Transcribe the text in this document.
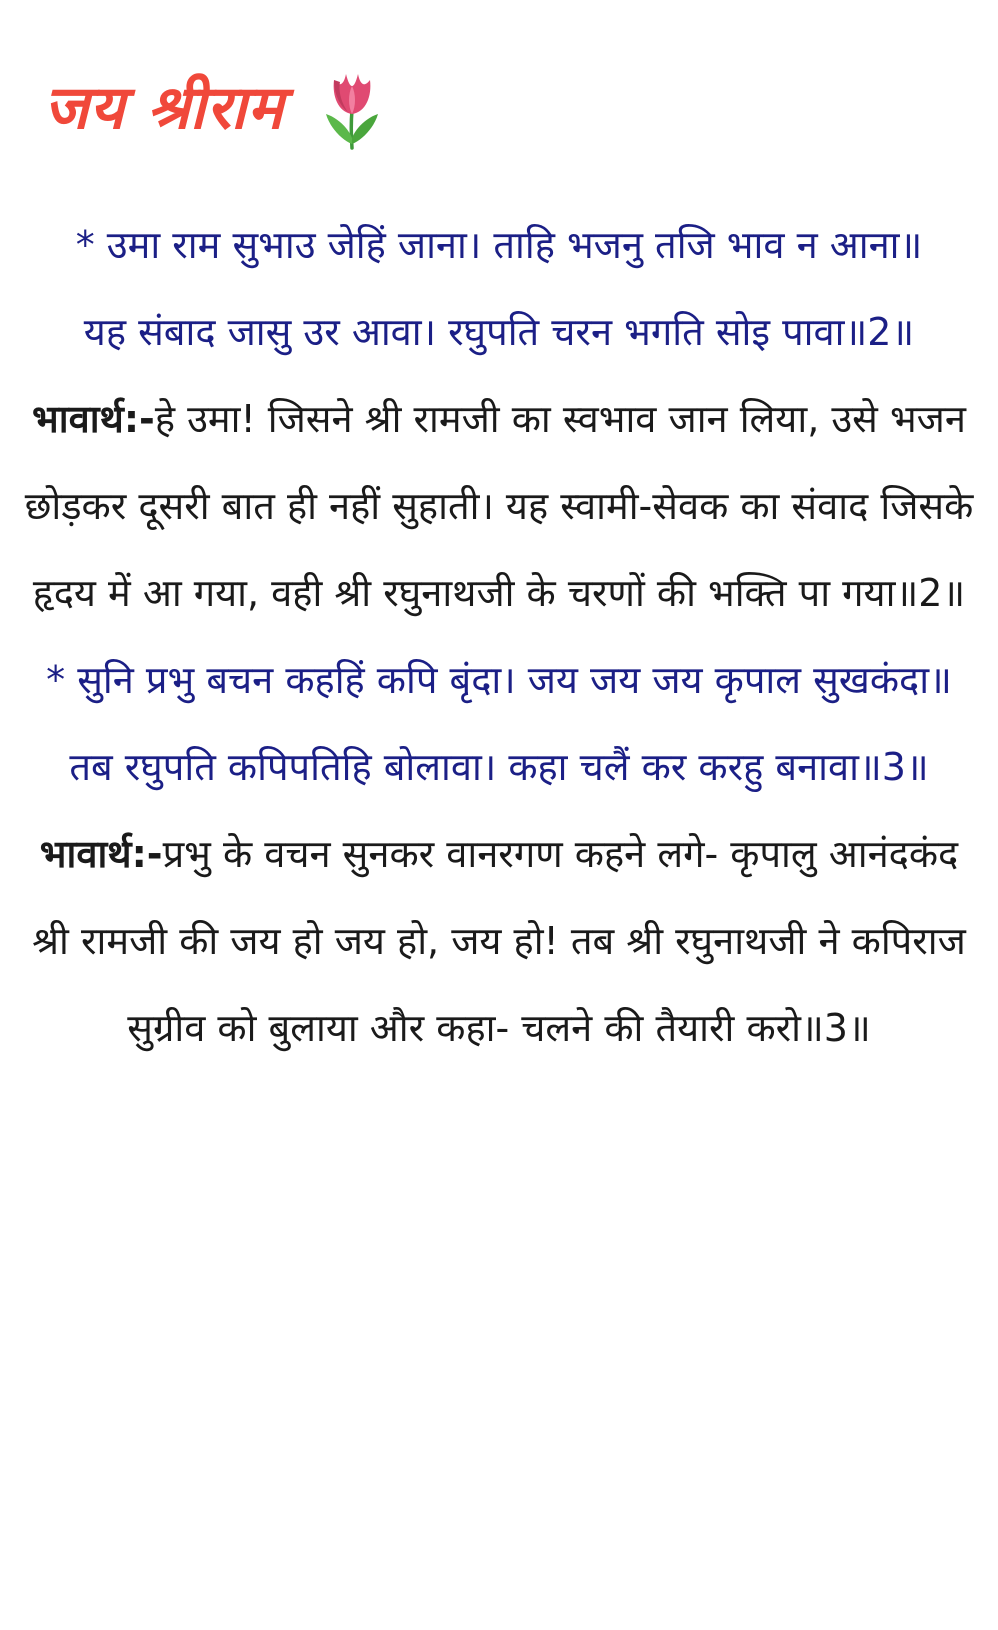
जय श्रीराम

* उमा राम सुभाउ जेहिं जाना। ताहि भजनु तजि भाव न आना॥
यह संबाद जासु उर आवा। रघुपति चरन भगति सोइ पावा॥2॥

भावार्थ:-हे उमा! जिसने श्री रामजी का स्वभाव जान लिया, उसे भजन छोड़कर दूसरी बात ही नहीं सुहाती। यह स्वामी-सेवक का संवाद जिसके हृदय में आ गया, वही श्री रघुनाथजी के चरणों की भक्ति पा गया॥2॥

* सुनि प्रभु बचन कहहिं कपि बृंदा। जय जय जय कृपाल सुखकंदा॥
तब रघुपति कपिपतिहि बोलावा। कहा चलैं कर करहु बनावा॥3॥

भावार्थ:-प्रभु के वचन सुनकर वानरगण कहने लगे- कृपालु आनंदकंद श्री रामजी की जय हो जय हो, जय हो! तब श्री रघुनाथजी ने कपिराज सुग्रीव को बुलाया और कहा- चलने की तैयारी करो॥3॥
